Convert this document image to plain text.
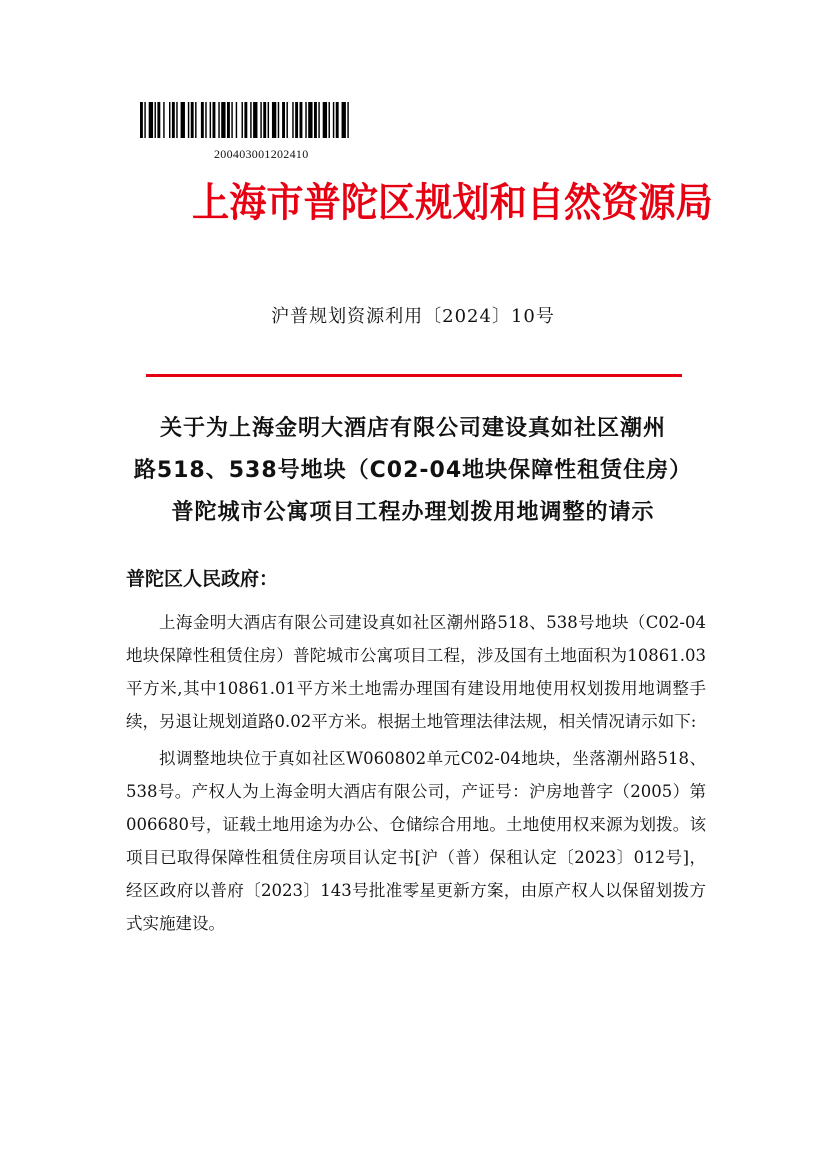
200403001202410
上海市普陀区规划和自然资源局
沪普规划资源利用〔2024〕10号
关于为上海金明大酒店有限公司建设真如社区潮州
路518、538号地块（C02-04地块保障性租赁住房）
普陀城市公寓项目工程办理划拨用地调整的请示
普陀区人民政府：

上海金明大酒店有限公司建设真如社区潮州路518、538号地块（C02-04地块保障性租赁住房）普陀城市公寓项目工程，涉及国有土地面积为10861.03平方米,其中10861.01平方米土地需办理国有建设用地使用权划拨用地调整手续，另退让规划道路0.02平方米。根据土地管理法律法规，相关情况请示如下:

拟调整地块位于真如社区W060802单元C02-04地块，坐落潮州路518、538号。产权人为上海金明大酒店有限公司，产证号：沪房地普字（2005）第006680号，证载土地用途为办公、仓储综合用地。土地使用权来源为划拨。该项目已取得保障性租赁住房项目认定书[沪（普）保租认定〔2023〕012号]，经区政府以普府〔2023〕143号批准零星更新方案，由原产权人以保留划拨方式实施建设。
